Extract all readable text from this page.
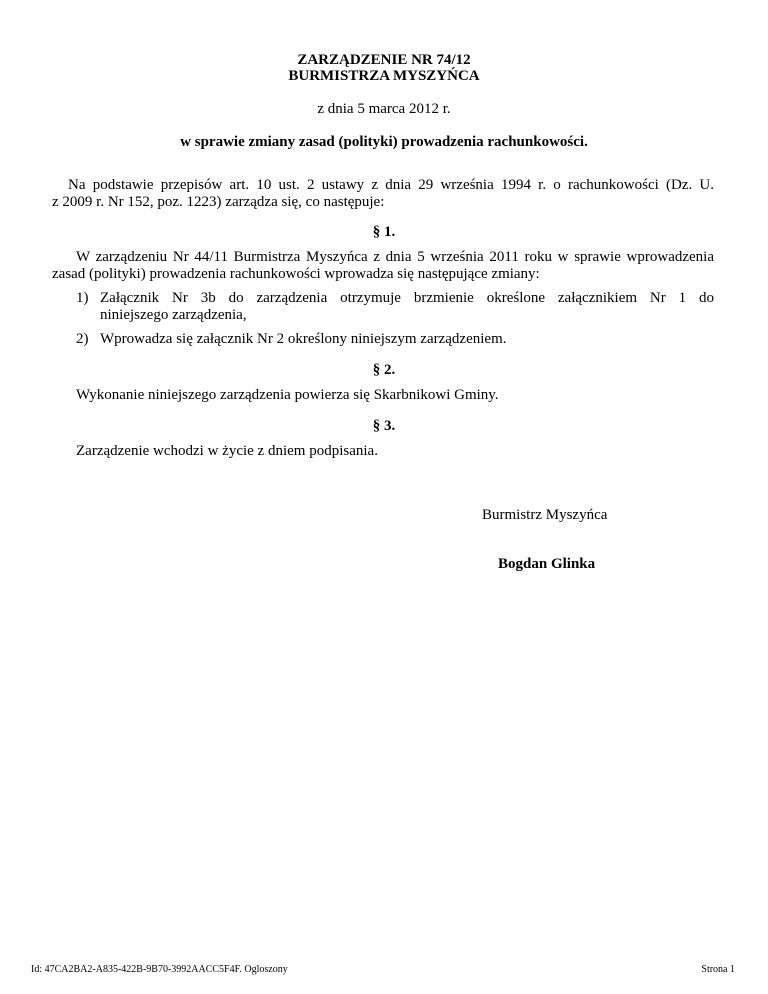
ZARZĄDZENIE NR 74/12
BURMISTRZA MYSZYŃCA
z dnia 5 marca 2012 r.
w sprawie zmiany zasad (polityki) prowadzenia rachunkowości.
Na podstawie przepisów art. 10 ust. 2 ustawy z dnia 29 września 1994 r. o rachunkowości (Dz. U.
z 2009 r. Nr 152, poz. 1223) zarządza się, co następuje:
§ 1.
W zarządzeniu Nr 44/11 Burmistrza Myszyńca z dnia 5 września 2011 roku w sprawie wprowadzenia
zasad (polityki) prowadzenia rachunkowości wprowadza się następujące zmiany:
1) Załącznik Nr 3b do zarządzenia otrzymuje brzmienie określone załącznikiem Nr 1 do
niniejszego zarządzenia,
2) Wprowadza się załącznik Nr 2 określony niniejszym zarządzeniem.
§ 2.
Wykonanie niniejszego zarządzenia powierza się Skarbnikowi Gminy.
§ 3.
Zarządzenie wchodzi w życie z dniem podpisania.
Burmistrz Myszyńca
Bogdan Glinka
Id: 47CA2BA2-A835-422B-9B70-3992AACC5F4F. Ogloszony	Strona 1
